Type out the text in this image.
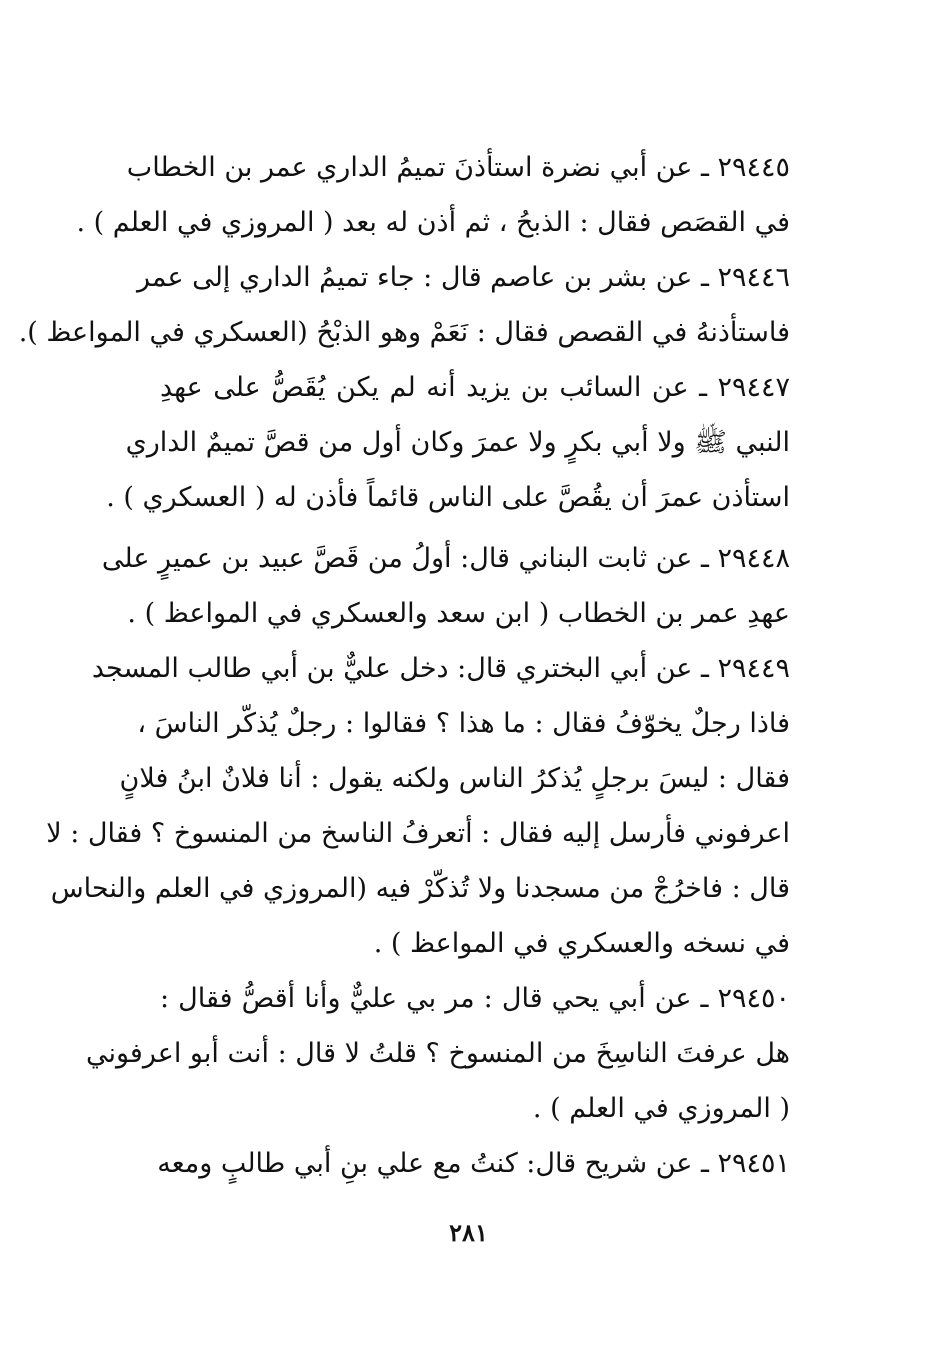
٢٩٤٤٥ ـ عن أبي نضرة استأذنَ تميمُ الداري عمر بن الخطاب
في القصَص فقال : الذبحُ ، ثم أذن له بعد ( المروزي في العلم ) .
٢٩٤٤٦ ـ عن بشر بن عاصم قال : جاء تميمُ الداري إلى عمر
فاستأذنهُ في القصص فقال : نَعَمْ وهو الذبْحُ (العسكري في المواعظ ).
٢٩٤٤٧ ـ عن السائب بن يزيد أنه لم يكن يُقَصُّ على عهدِ
النبي ﷺ ولا أبي بكرٍ ولا عمرَ وكان أول من قصَّ تميمٌ الداري
استأذن عمرَ أن يقُصَّ على الناس قائماً فأذن له ( العسكري ) .
٢٩٤٤٨ ـ عن ثابت البناني قال: أولُ من قَصَّ عبيد بن عميرٍ على
عهدِ عمر بن الخطاب ( ابن سعد والعسكري في المواعظ ) .
٢٩٤٤٩ ـ عن أبي البختري قال: دخل عليٌّ بن أبي طالب المسجد
فاذا رجلٌ يخوّفُ فقال : ما هذا ؟ فقالوا : رجلٌ يُذكّر الناسَ ،
فقال : ليسَ برجلٍ يُذكرُ الناس ولكنه يقول : أنا فلانٌ ابنُ فلانٍ
اعرفوني فأرسل إليه فقال : أتعرفُ الناسخ من المنسوخ ؟ فقال : لا
قال : فاخرُجْ من مسجدنا ولا تُذكّرْ فيه (المروزي في العلم والنحاس
في نسخه والعسكري في المواعظ ) .
٢٩٤٥٠ ـ عن أبي يحي قال : مر بي عليٌّ وأنا أقصُّ فقال :
هل عرفتَ الناسِخَ من المنسوخ ؟ قلتُ لا قال : أنت أبو اعرفوني
( المروزي في العلم ) .
٢٩٤٥١ ـ عن شريح قال: كنتُ مع علي بنِ أبي طالبٍ ومعه
٢٨١
